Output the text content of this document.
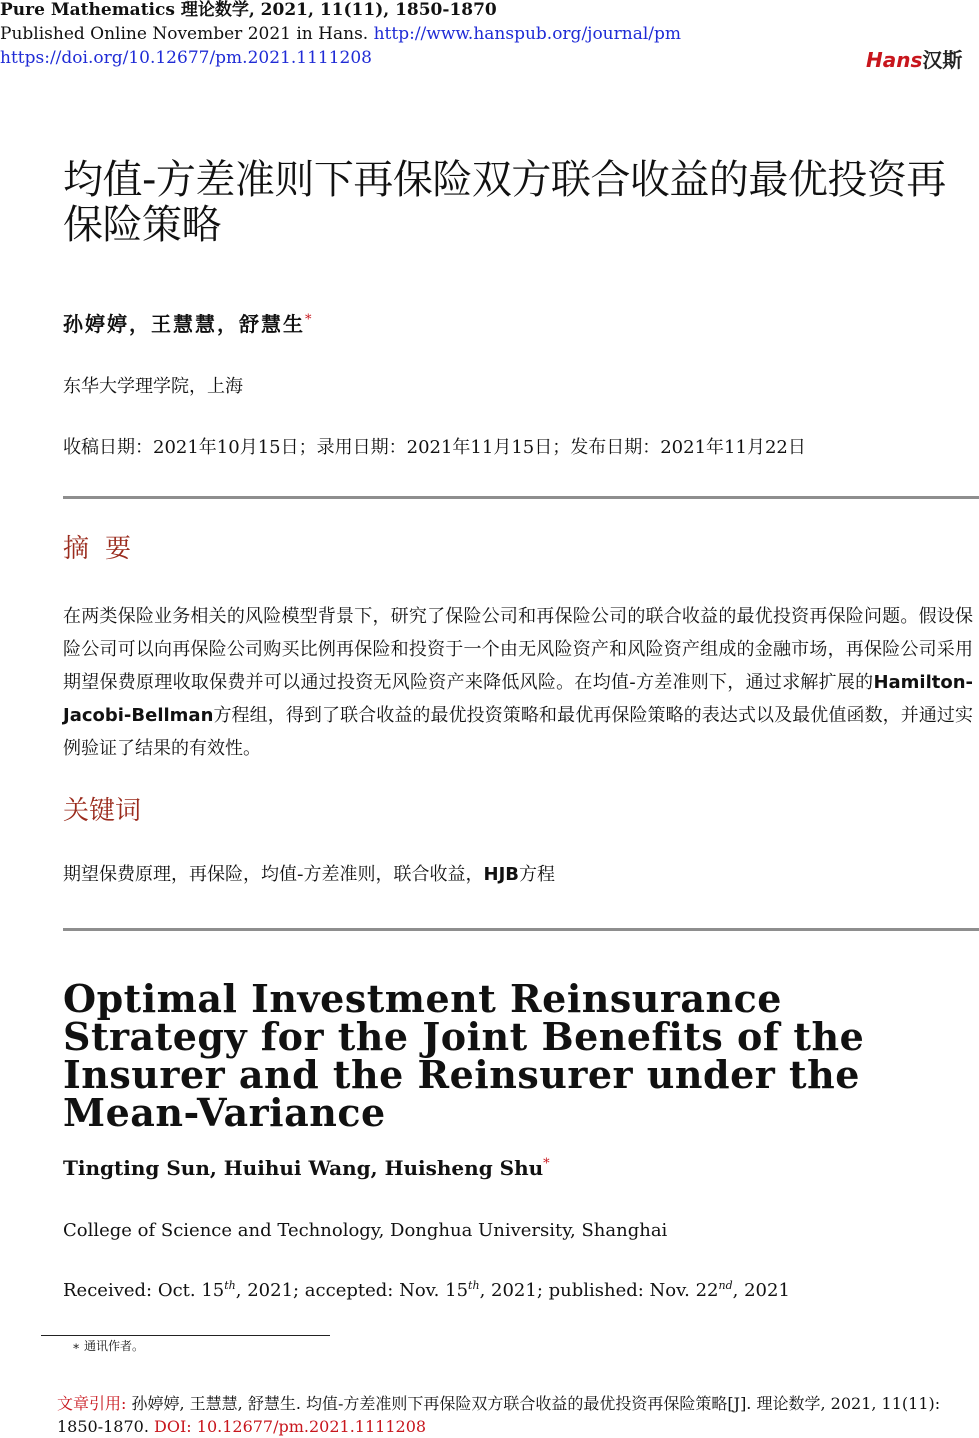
Pure Mathematics 理论数学, 2021, 11(11), 1850-1870
Published Online November 2021 in Hans. http://www.hanspub.org/journal/pm
https://doi.org/10.12677/pm.2021.1111208	Hans汉斯
均值-方差准则下再保险双方联合收益的最优投资再保险策略
孙婷婷，王慧慧，舒慧生*
东华大学理学院，上海
收稿日期：2021年10月15日；录用日期：2021年11月15日；发布日期：2021年11月22日
摘要
在两类保险业务相关的风险模型背景下，研究了保险公司和再保险公司的联合收益的最优投资再保险问题。假设保险公司可以向再保险公司购买比例再保险和投资于一个由无风险资产和风险资产组成的金融市场，再保险公司采用期望保费原理收取保费并可以通过投资无风险资产来降低风险。在均值-方差准则下，通过求解扩展的Hamilton-Jacobi-Bellman方程组，得到了联合收益的最优投资策略和最优再保险策略的表达式以及最优值函数，并通过实例验证了结果的有效性。
关键词
期望保费原理，再保险，均值-方差准则，联合收益，HJB方程
Optimal Investment Reinsurance Strategy for the Joint Benefits of the Insurer and the Reinsurer under the Mean-Variance
Tingting Sun, Huihui Wang, Huisheng Shu*
College of Science and Technology, Donghua University, Shanghai
Received: Oct. 15th, 2021; accepted: Nov. 15th, 2021; published: Nov. 22nd, 2021
∗ 通讯作者。
文章引用: 孙婷婷, 王慧慧, 舒慧生. 均值-方差准则下再保险双方联合收益的最优投资再保险策略[J]. 理论数学, 2021, 11(11): 1850-1870. DOI: 10.12677/pm.2021.1111208
